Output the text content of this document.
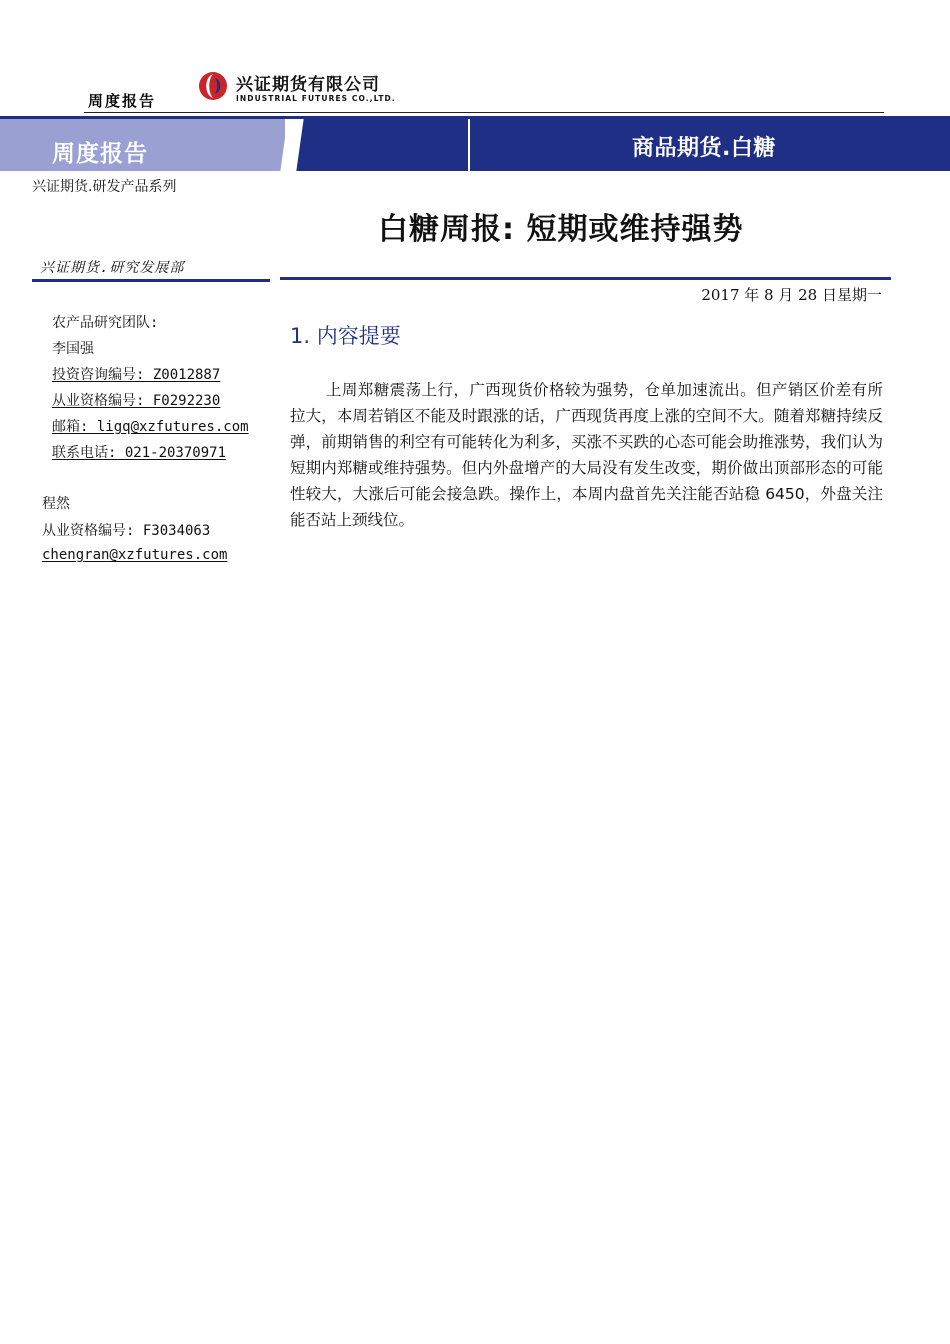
周度报告
兴证期货有限公司
INDUSTRIAL FUTURES CO.,LTD.
周度报告	商品期货.白糖
兴证期货.研发产品系列
白糖周报: 短期或维持强势
兴证期货.研究发展部
农产品研究团队:
李国强
投资咨询编号: Z0012887
从业资格编号: F0292230
邮箱: ligq@xzfutures.com
联系电话: 021-20370971
程然
从业资格编号: F3034063
chengran@xzfutures.com
2017 年 8 月 28 日星期一
1. 内容提要
上周郑糖震荡上行，广西现货价格较为强势，仓单加速流出。但产销区价差有所拉大，本周若销区不能及时跟涨的话，广西现货再度上涨的空间不大。随着郑糖持续反弹，前期销售的利空有可能转化为利多，买涨不买跌的心态可能会助推涨势，我们认为短期内郑糖或维持强势。但内外盘增产的大局没有发生改变，期价做出顶部形态的可能性较大，大涨后可能会接急跌。操作上，本周内盘首先关注能否站稳 6450，外盘关注能否站上颈线位。
